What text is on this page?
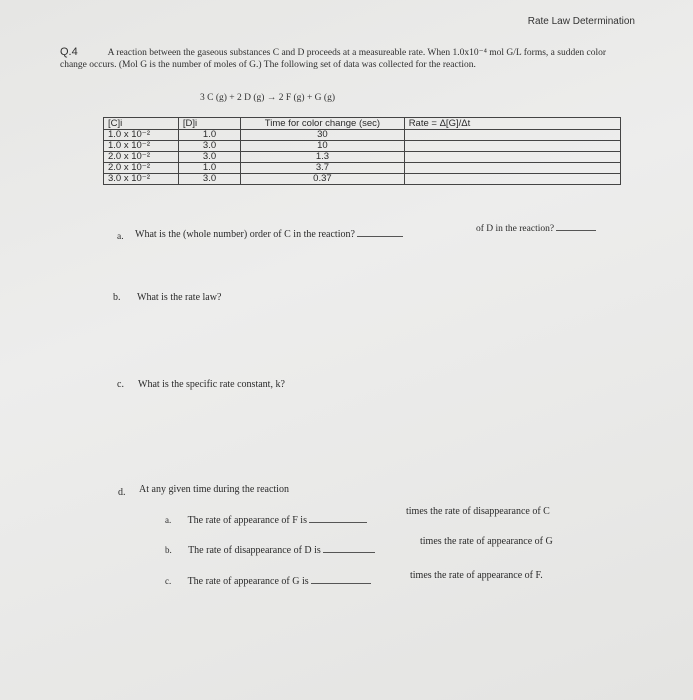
Rate Law Determination
Q.4	A reaction between the gaseous substances C and D proceeds at a measureable rate. When 1.0x10⁻⁴ mol G/L forms, a sudden color change occurs. (Mol G is the number of moles of G.) The following set of data was collected for the reaction.
3 C (g) + 2 D (g) → 2 F (g) + G (g)
[C]i	[D]i	Time for color change (sec)	Rate = Δ[G]/Δt
1.0 x 10⁻²	1.0	30	
1.0 x 10⁻²	3.0	10	
2.0 x 10⁻²	3.0	1.3	
2.0 x 10⁻²	1.0	3.7	
3.0 x 10⁻²	3.0	0.37	
a. What is the (whole number) order of C in the reaction?	of D in the reaction?
b. What is the rate law?
c. What is the specific rate constant, k?
d. At any given time during the reaction
a. The rate of appearance of F is
times the rate of disappearance of C
b. The rate of disappearance of D is
times the rate of appearance of G
c. The rate of appearance of G is
times the rate of appearance of F.
